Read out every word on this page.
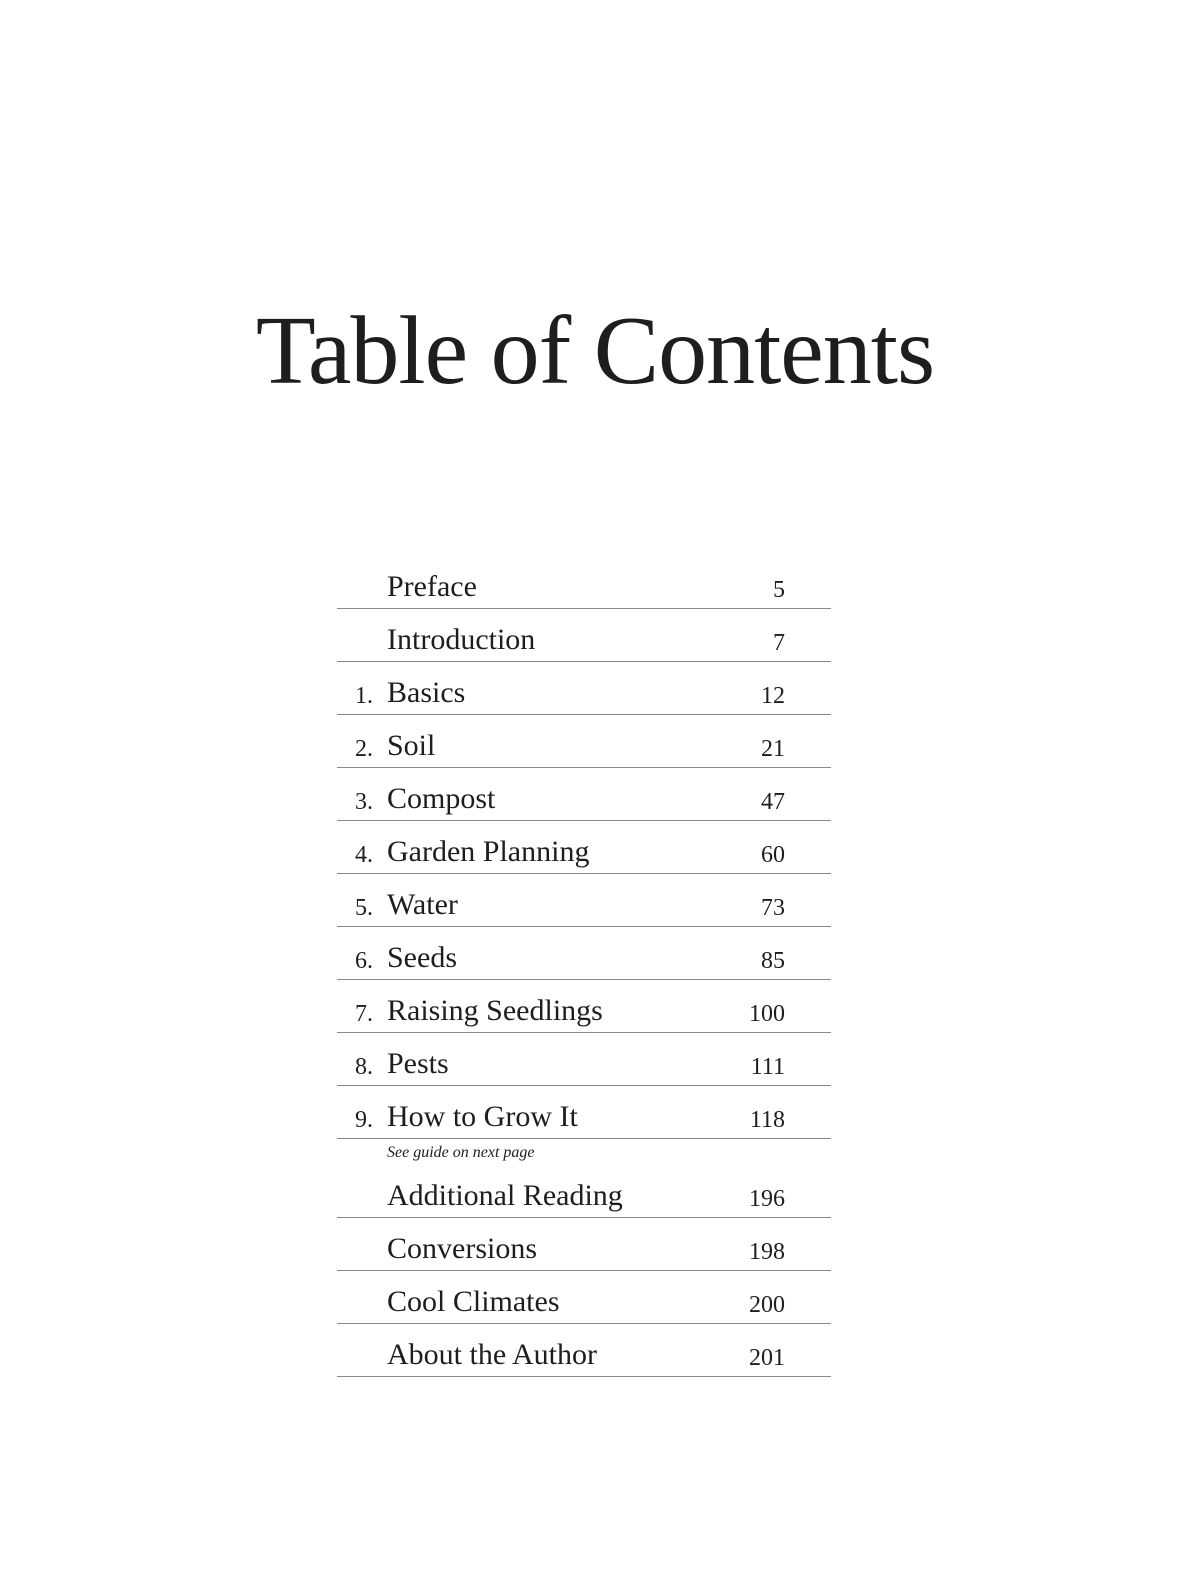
Table of Contents
Preface	5
Introduction	7
1. Basics	12
2. Soil	21
3. Compost	47
4. Garden Planning	60
5. Water	73
6. Seeds	85
7. Raising Seedlings	100
8. Pests	111
9. How to Grow It	118
See guide on next page
Additional Reading	196
Conversions	198
Cool Climates	200
About the Author	201
